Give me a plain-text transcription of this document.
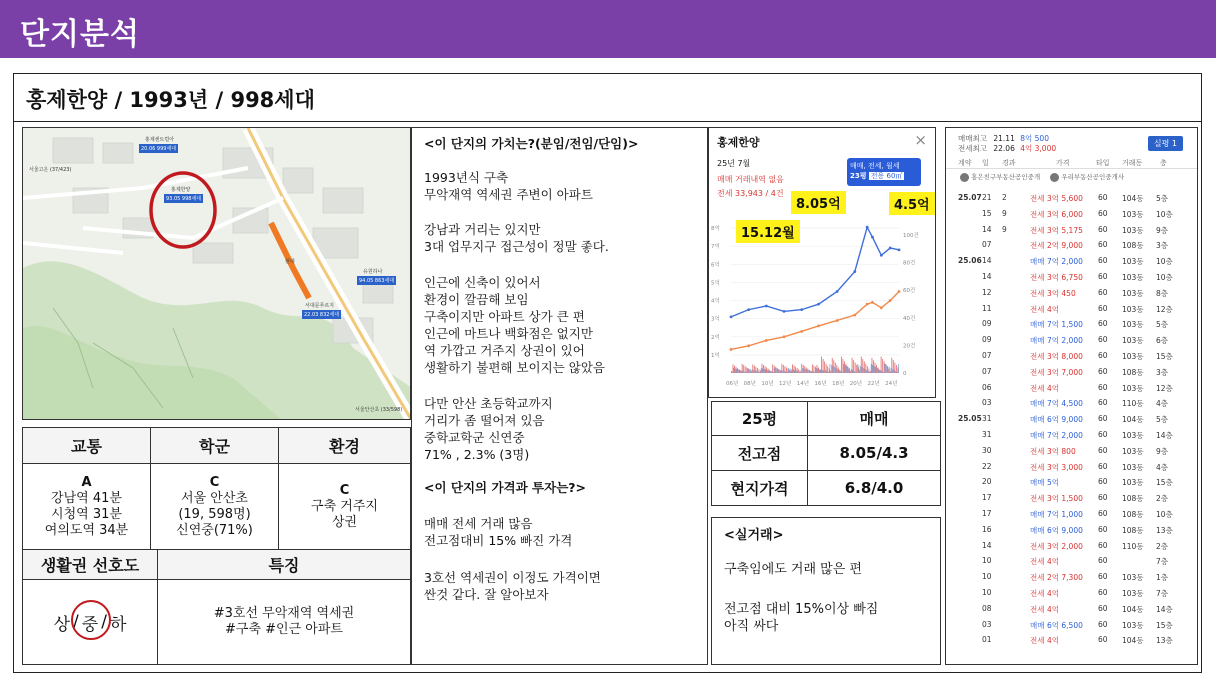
단지분석
홍제한양 / 1993년 / 998세대
홍제센트럴아
20.06 999세대
서울고은 (37/423)
홍제한양
93.05 998세대
현대
유원하나
94.05 863세대
서대문푸르지
22.03 832세대
서울안산초 (33/598)
교통	학군	환경
A
강남역 41분
시청역 31분
여의도역 34분
C
서울 안산초
(19, 598명)
신연중(71%)
C
구축 거주지
상권
생활권 선호도	특징
상 / 중 / 하
#3호선 무악재역 역세권
#구축 #인근 아파트
<이 단지의 가치는?(분임/전임/단임)>
1993년식 구축
무악재역 역세권 주변이 아파트
강남과 거리는 있지만
3대 업무지구 접근성이 정말 좋다.
인근에 신축이 있어서
환경이 깔끔해 보임
구축이지만 아파트 상가 큰 편
인근에 마트나 백화점은 없지만
역 가깝고 거주지 상권이 있어
생활하기 불편해 보이지는 않았음
다만 안산 초등학교까지
거리가 좀 떨어져 있음
중학교학군 신연중
71% , 2.3% (3명)
<이 단지의 가격과 투자는?>
매매 전세 거래 많음
전고점대비 15% 빠진 가격
3호선 역세권이 이정도 가격이면
싼것 같다. 잘 알아보자
홍제한양	×
25년 7월
매매 거래내역 없음
전세 33,943 / 4건
매매, 전세, 월세
23평 전용 60㎡
8억
7억
6억
5억
4억
3억
2억
1억
100건
80건
60건
40건
20건
0
06년 08년 10년 12년 14년 16년 18년 20년 22년 24년
8.05억	4.5억
15.12월
25평	매매
전고점	8.05/4.3
현지가격	6.8/4.0
<실거래>
구축임에도 거래 많은 편
전고점 대비 15%이상 빠짐
아직 싸다
매매최고 21.11 8억 500
전세최고 22.06 4억 3,000
실평 1
계약 일 경과	가격	타입 거래동	층
홍은친구부동산공인중개	우리부동산공인중개사
25.07 21 2	전세 3억 5,600 60 104동 5층
15 9	전세 3억 6,000 60 103동 10층
14 9	전세 3억 5,175 60 103동 9층
07	전세 2억 9,000 60 108동 3층
25.06 14	매매 7억 2,000 60 103동 10층
14	전세 3억 6,750 60 103동 10층
12	전세 3억 450	60 103동 8층
11	전세 4억	60 103동 12층
09	매매 7억 1,500 60 103동 5층
09	매매 7억 2,000 60 103동 6층
07	전세 3억 8,000 60 103동 15층
07	전세 3억 7,000 60 108동 3층
06	전세 4억	60 103동 12층
03	매매 7억 4,500 60 110동 4층
25.05 31	매매 6억 9,000 60 104동 5층
31	매매 7억 2,000 60 103동 14층
30	전세 3억 800	60 103동 9층
22	전세 3억 3,000 60 103동 4층
20	매매 5억	60 103동 15층
17	전세 3억 1,500 60 108동 2층
17	매매 7억 1,000 60 108동 10층
16	매매 6억 9,000 60 108동 13층
14	전세 3억 2,000 60 110동 2층
10	전세 4억	60	7층
10	전세 2억 7,300 60 103동 1층
10	전세 4억	60 103동 7층
08	전세 4억	60 104동 14층
03	매매 6억 6,500 60 103동 15층
01	전세 4억	60 104동 13층
